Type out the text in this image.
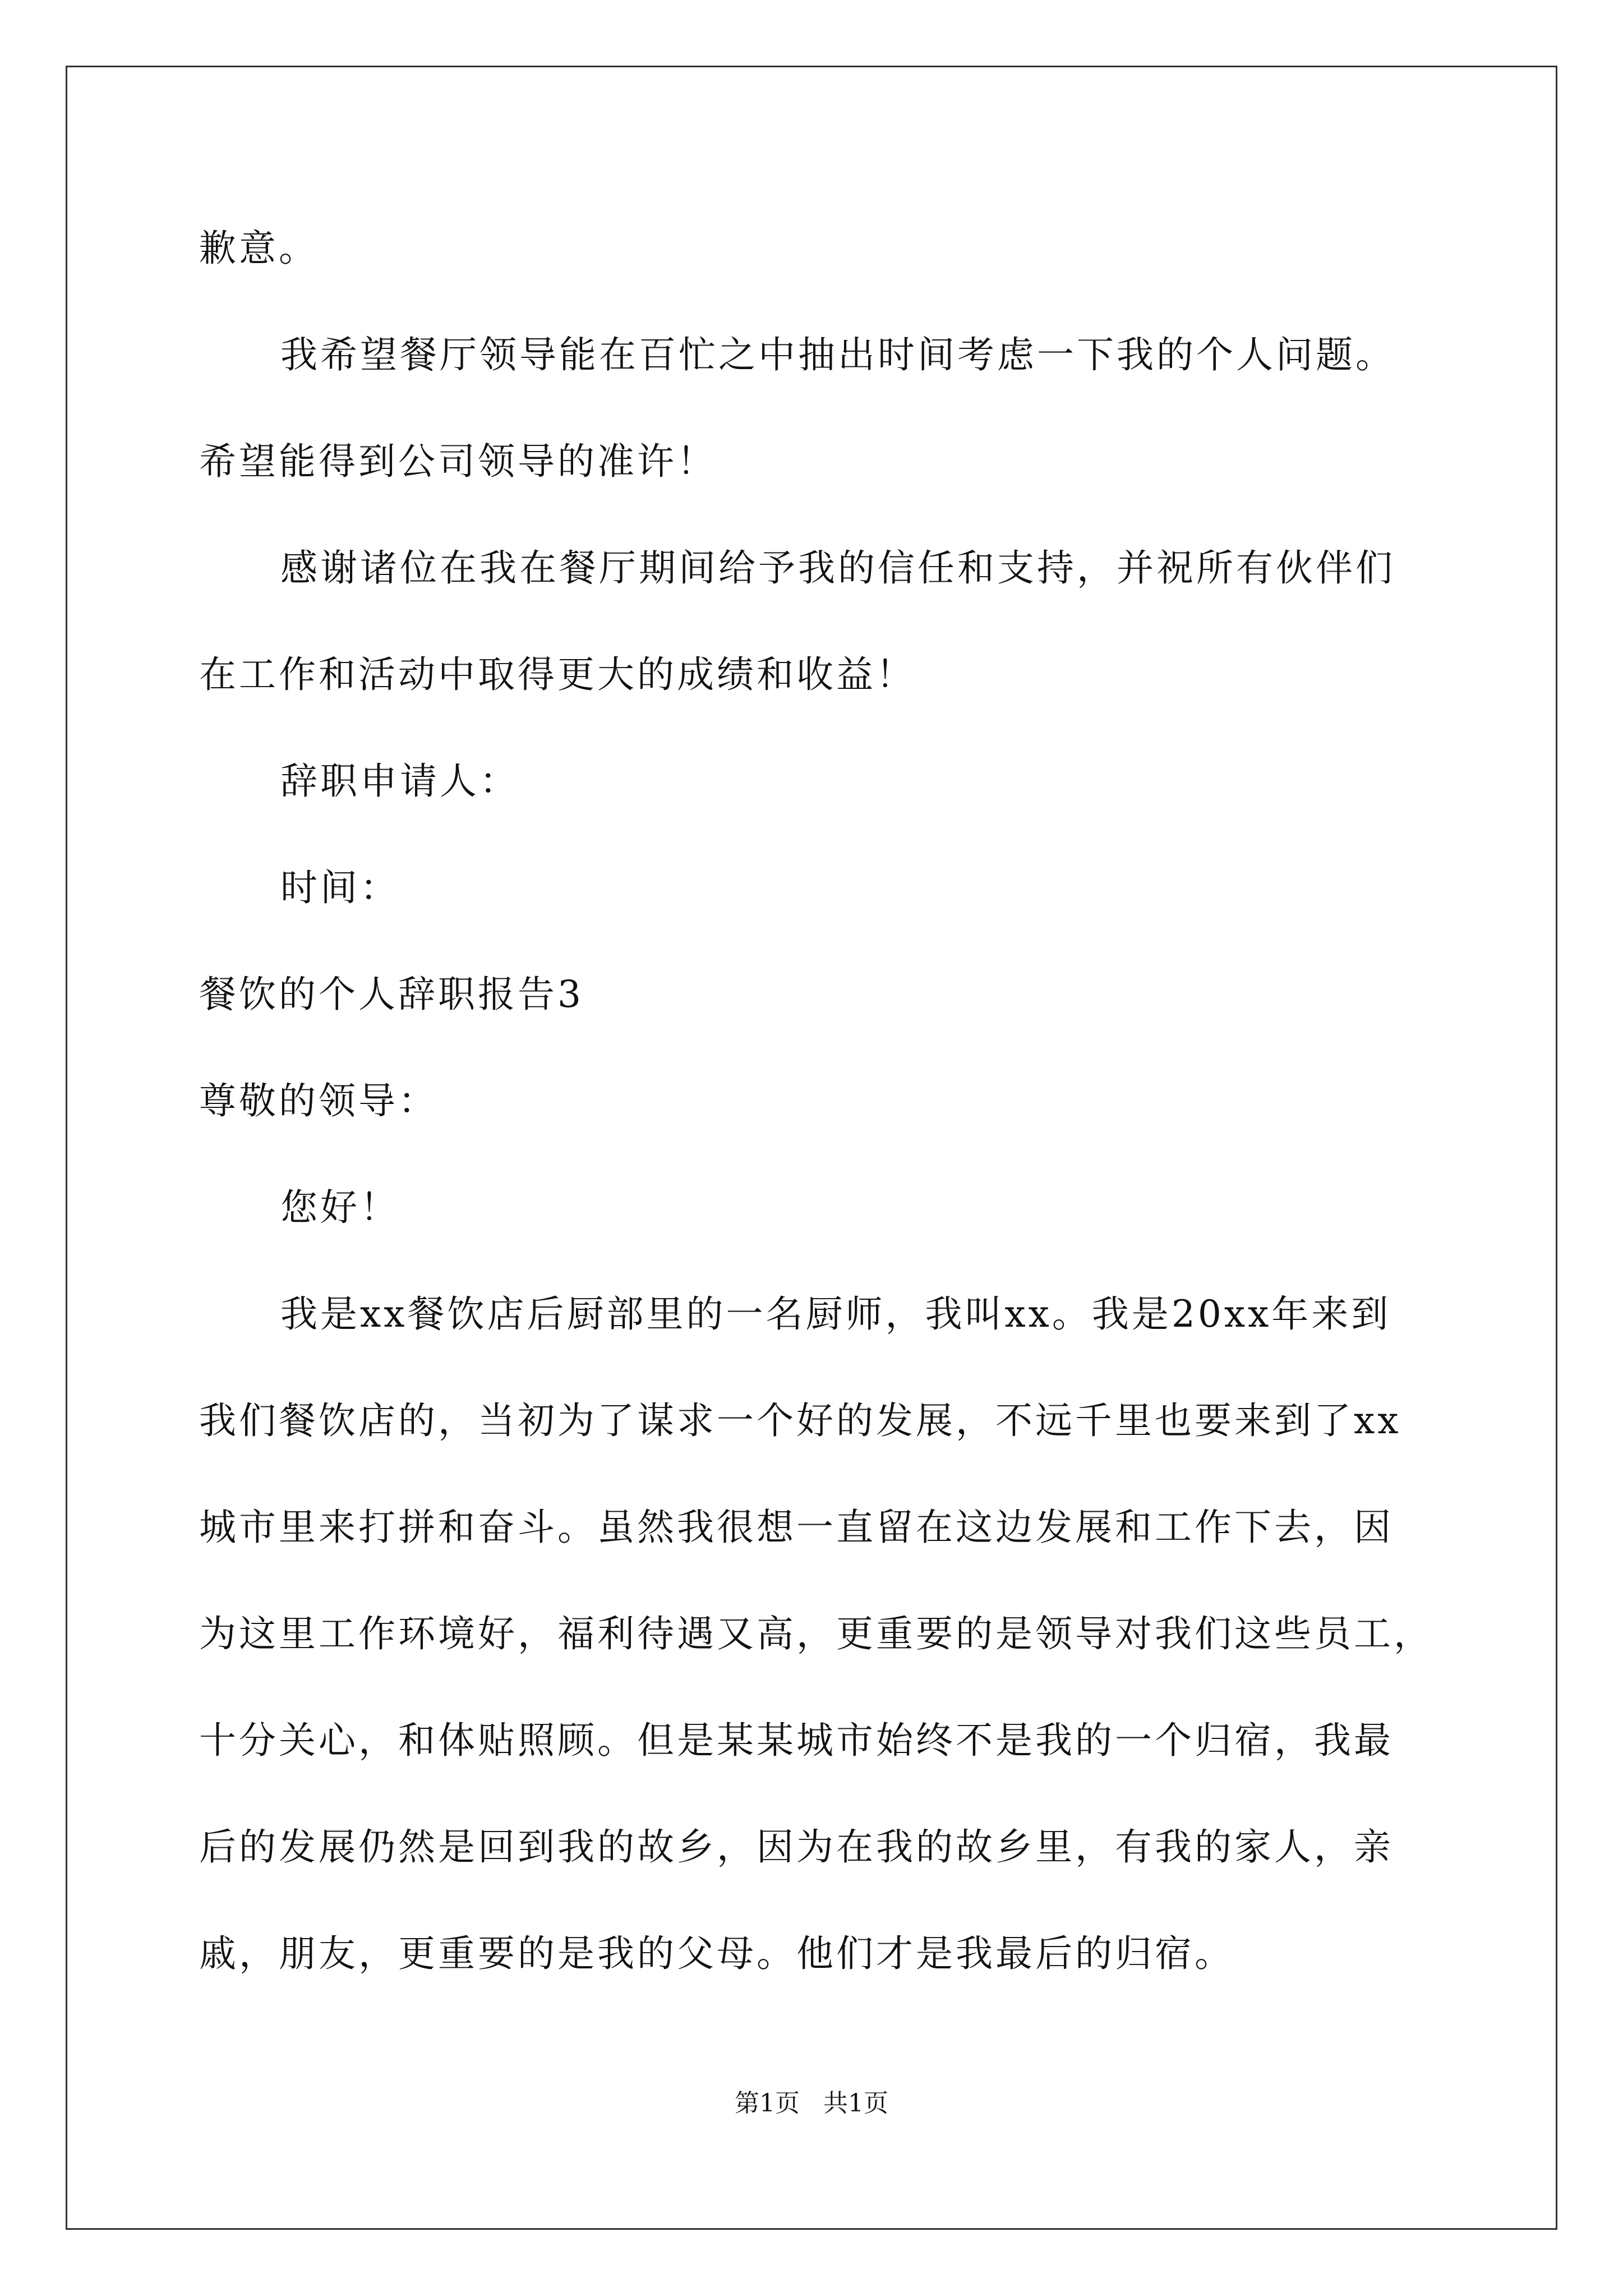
歉意。
我希望餐厅领导能在百忙之中抽出时间考虑一下我的个人问题。
希望能得到公司领导的准许！
感谢诸位在我在餐厅期间给予我的信任和支持，并祝所有伙伴们
在工作和活动中取得更大的成绩和收益！
辞职申请人：
时间：
餐饮的个人辞职报告3
尊敬的领导：
您好！
我是xx餐饮店后厨部里的一名厨师，我叫xx。我是20xx年来到
我们餐饮店的，当初为了谋求一个好的发展，不远千里也要来到了xx
城市里来打拼和奋斗。虽然我很想一直留在这边发展和工作下去，因
为这里工作环境好，福利待遇又高，更重要的是领导对我们这些员工，
十分关心，和体贴照顾。但是某某城市始终不是我的一个归宿，我最
后的发展仍然是回到我的故乡，因为在我的故乡里，有我的家人，亲
戚，朋友，更重要的是我的父母。他们才是我最后的归宿。
第1页   共1页
